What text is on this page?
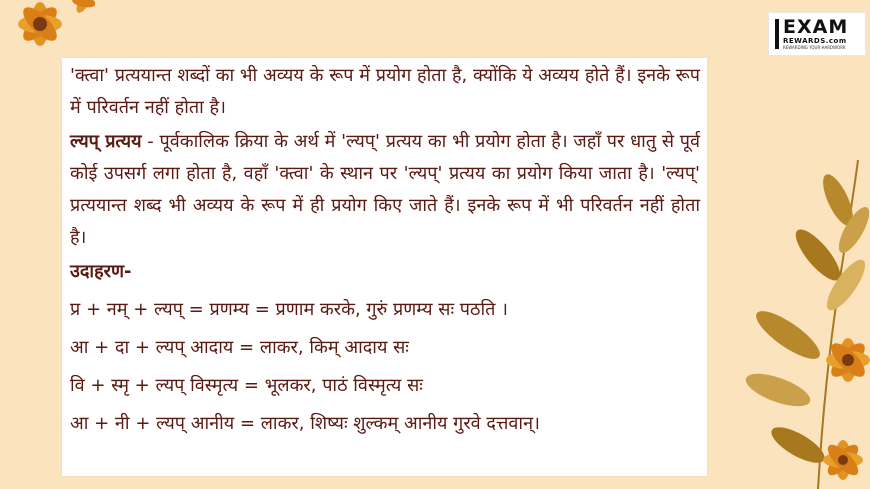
EXAM
REWARDS.com
REWARDING YOUR HARDWORK

'क्त्वा' प्रत्ययान्त शब्दों का भी अव्यय के रूप में प्रयोग होता है, क्योंकि ये अव्यय होते हैं। इनके रूप में परिवर्तन नहीं होता है।

ल्यप् प्रत्यय - पूर्वकालिक क्रिया के अर्थ में 'ल्यप्' प्रत्यय का भी प्रयोग होता है। जहाँ पर धातु से पूर्व कोई उपसर्ग लगा होता है, वहाँ 'क्त्वा' के स्थान पर 'ल्यप्' प्रत्यय का प्रयोग किया जाता है। 'ल्यप्' प्रत्ययान्त शब्द भी अव्यय के रूप में ही प्रयोग किए जाते हैं। इनके रूप में भी परिवर्तन नहीं होता है।

उदाहरण-
प्र + नम् + ल्यप् = प्रणम्य = प्रणाम करके, गुरुं प्रणम्य सः पठति ।
आ + दा + ल्यप् आदाय = लाकर, किम् आदाय सः
वि + स्मृ + ल्यप् विस्मृत्य = भूलकर, पाठं विस्मृत्य सः
आ + नी + ल्यप् आनीय = लाकर, शिष्यः शुल्कम् आनीय गुरवे दत्तवान्।
